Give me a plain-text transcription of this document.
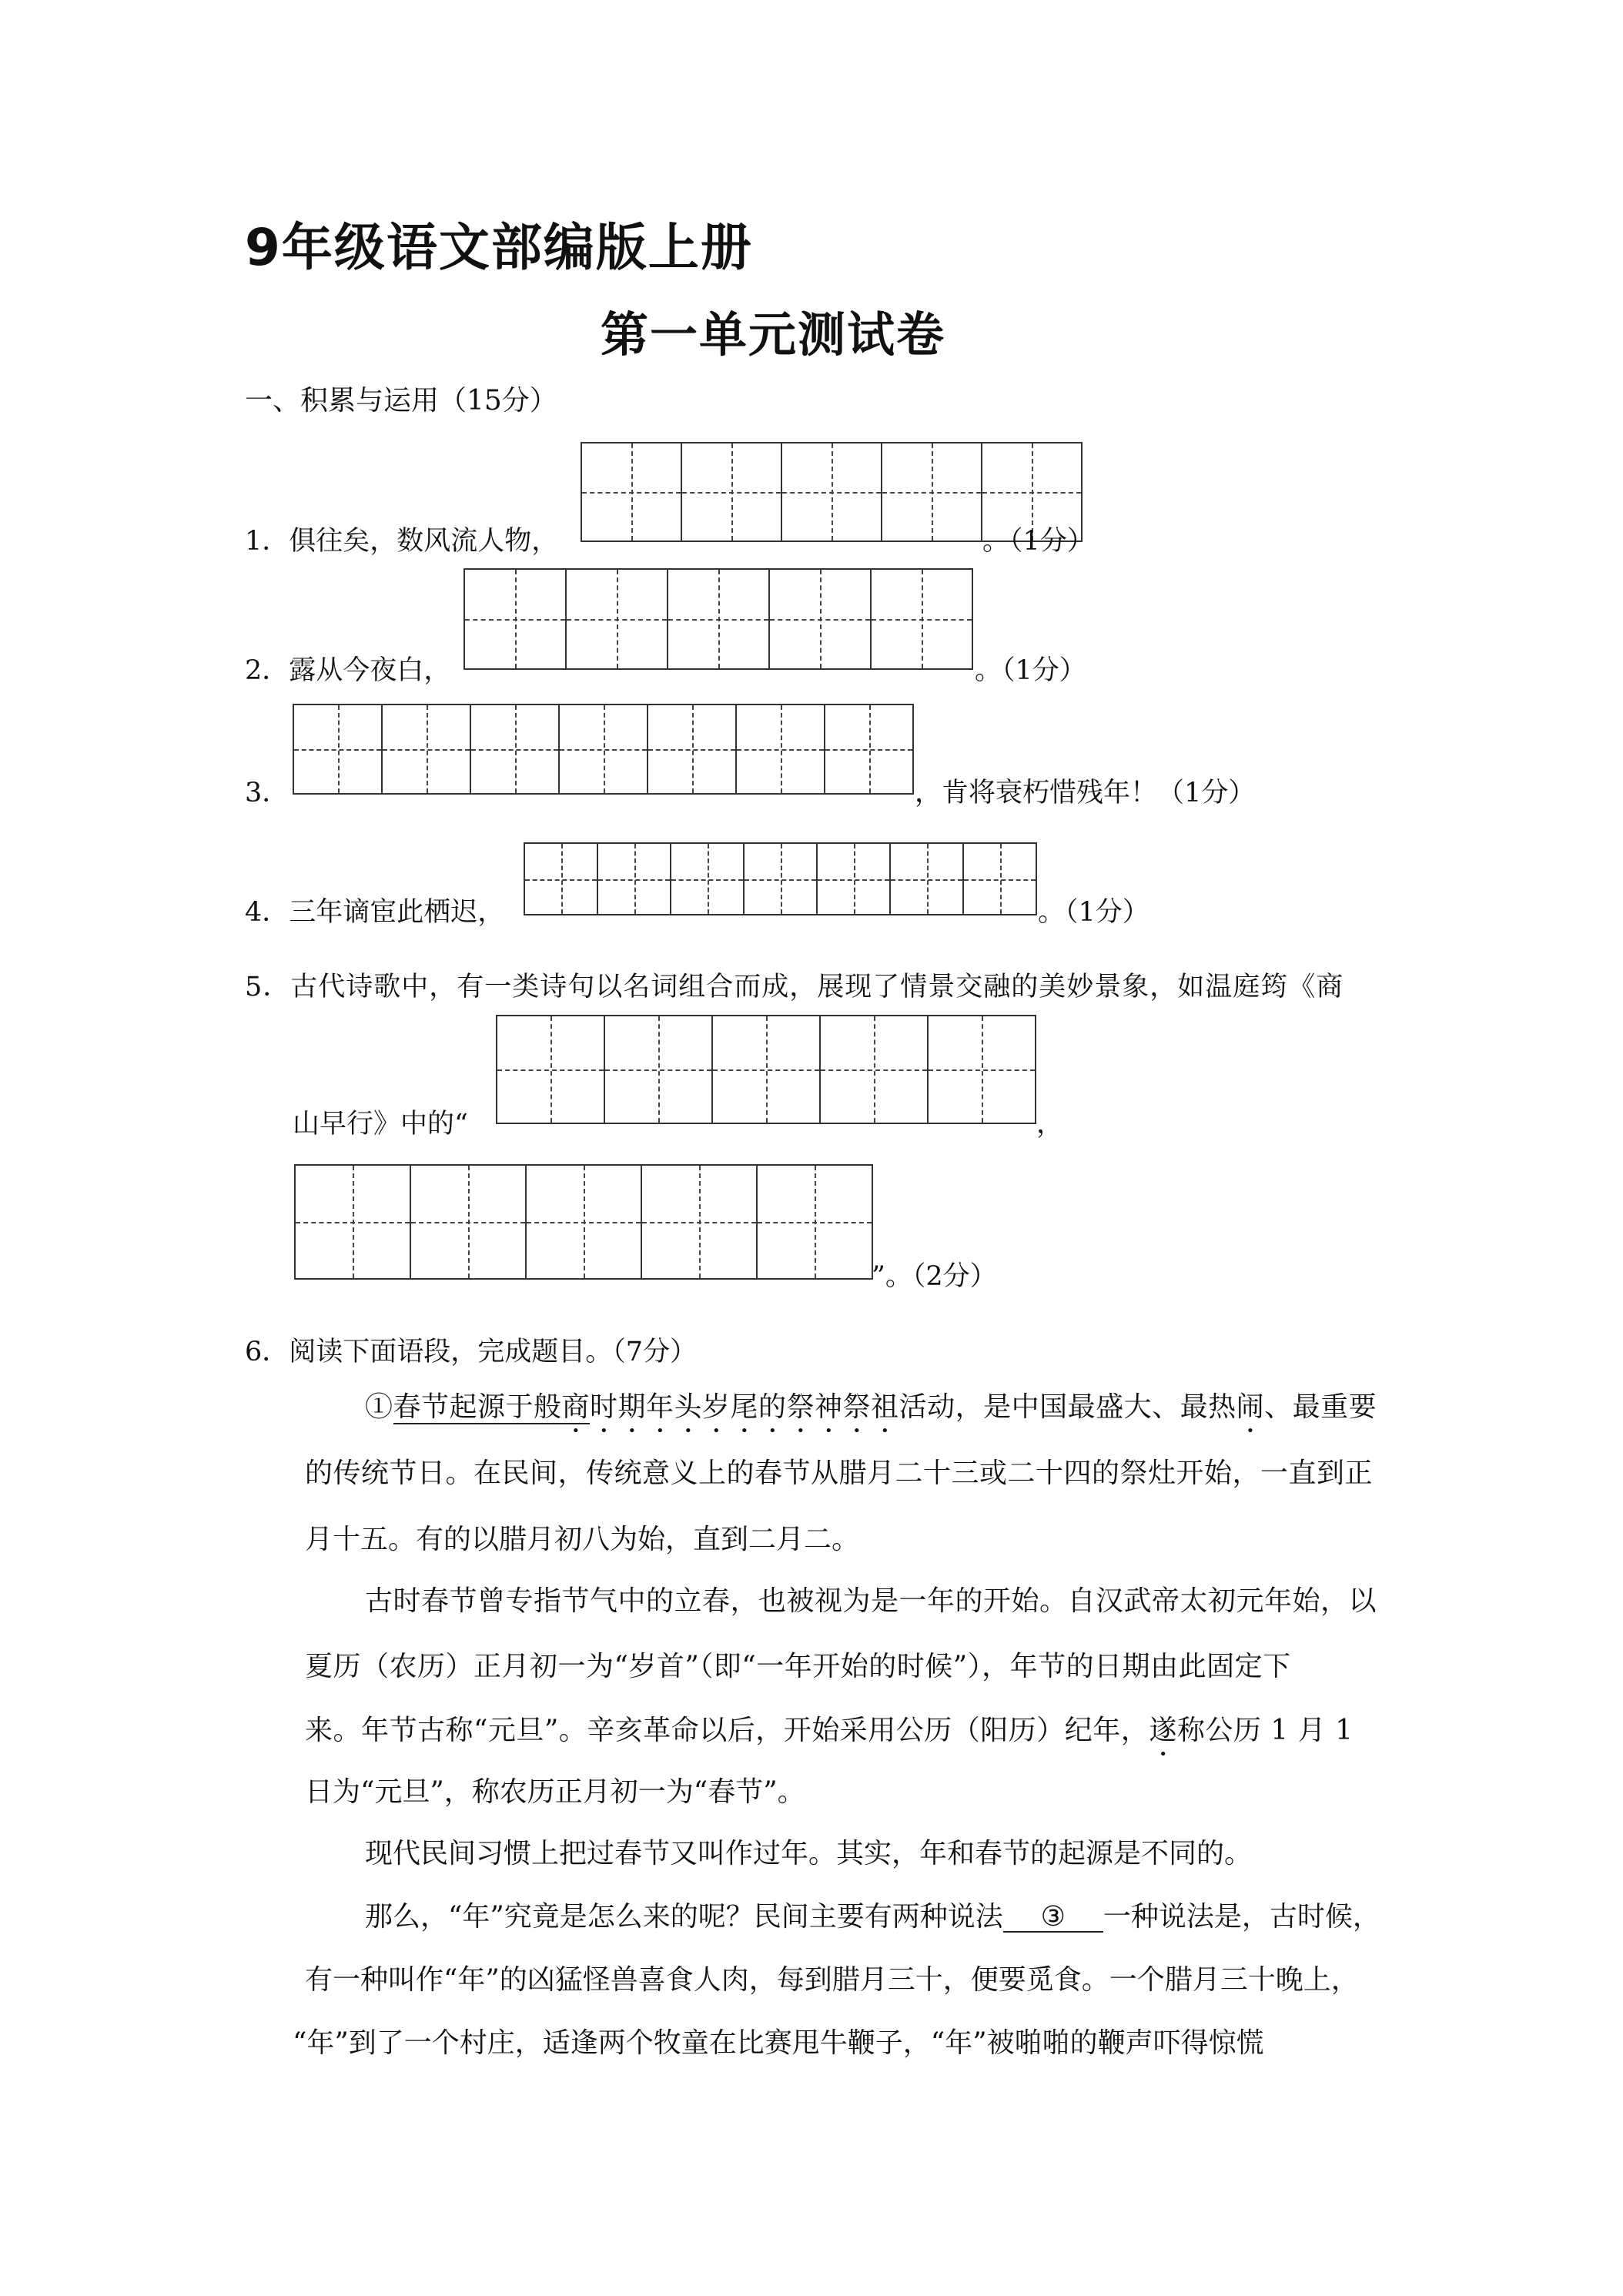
9年级语文部编版上册
第一单元测试卷
一、积累与运用（15分）
1．俱往矣，数风流人物，	。（1分）
2．露从今夜白，	。（1分）
3．	，肯将衰朽惜残年！（1分）
4．三年谪宦此栖迟，	。（1分）
5．古代诗歌中，有一类诗句以名词组合而成，展现了情景交融的美妙景象，如温庭筠《商
山早行》中的“	，
”。（2分）
6．阅读下面语段，完成题目。（7分）
①春节起源于般商时期年头岁尾的祭神祭祖活动，是中国最盛大、最热闹、最重要
的传统节日。在民间，传统意义上的春节从腊月二十三或二十四的祭灶开始，一直到正
月十五。有的以腊月初八为始，直到二月二。
古时春节曾专指节气中的立春，也被视为是一年的开始。自汉武帝太初元年始，以
夏历（农历）正月初一为“岁首”（即“一年开始的时候”），年节的日期由此固定下
来。年节古称“元旦”。辛亥革命以后，开始采用公历（阳历）纪年，遂称公历 1 月 1
日为“元旦”，称农历正月初一为“春节”。
现代民间习惯上把过春节又叫作过年。其实，年和春节的起源是不同的。
那么，“年”究竟是怎么来的呢？民间主要有两种说法 ③ 一种说法是，古时候，
有一种叫作“年”的凶猛怪兽喜食人肉，每到腊月三十，便要觅食。一个腊月三十晚上，
“年”到了一个村庄，适逢两个牧童在比赛甩牛鞭子，“年”被啪啪的鞭声吓得惊慌
